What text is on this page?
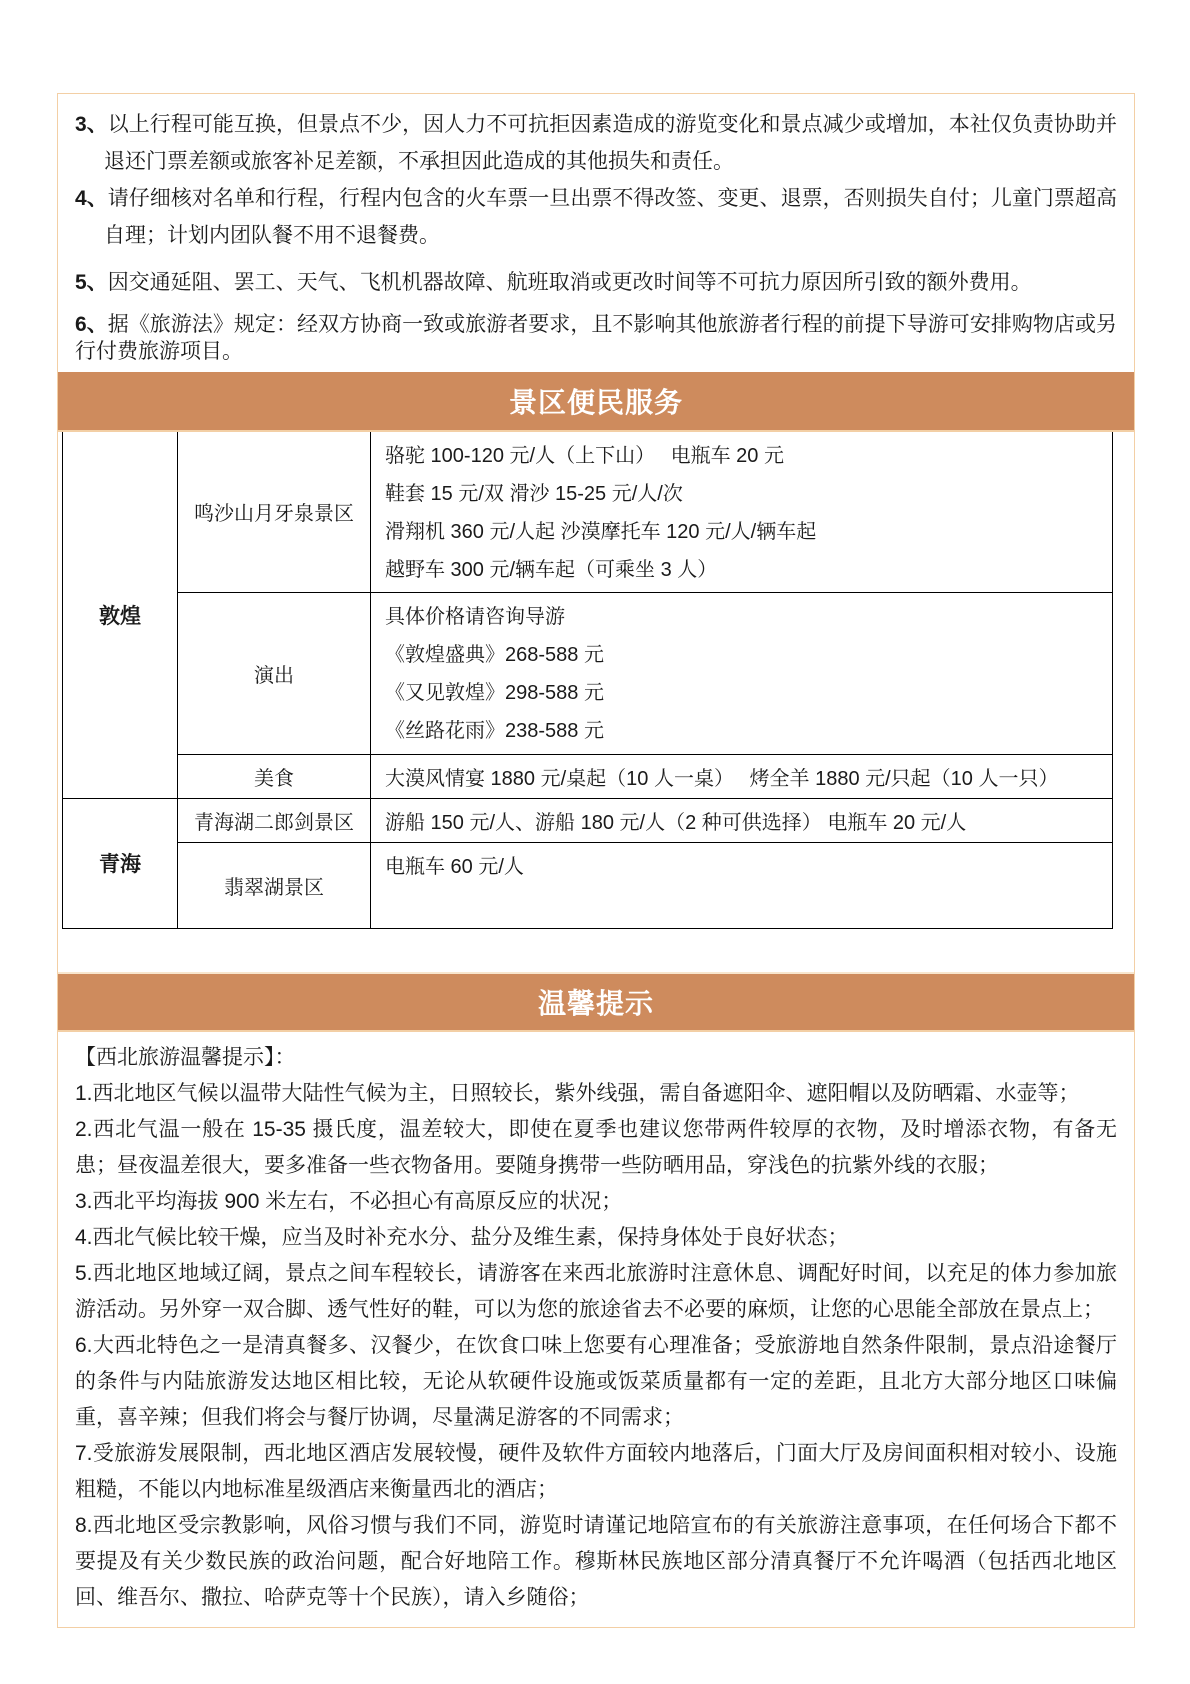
3、以上行程可能互换，但景点不少，因人力不可抗拒因素造成的游览变化和景点减少或增加，本社仅负责协助并退还门票差额或旅客补足差额，不承担因此造成的其他损失和责任。
4、请仔细核对名单和行程，行程内包含的火车票一旦出票不得改签、变更、退票，否则损失自付；儿童门票超高自理；计划内团队餐不用不退餐费。
5、因交通延阻、罢工、天气、飞机机器故障、航班取消或更改时间等不可抗力原因所引致的额外费用。
6、据《旅游法》规定：经双方协商一致或旅游者要求，且不影响其他旅游者行程的前提下导游可安排购物店或另行付费旅游项目。
景区便民服务
敦煌	鸣沙山月牙泉景区	骆驼 100-120 元/人（上下山）　 电瓶车 20 元
鞋套 15 元/双 滑沙 15-25 元/人/次
滑翔机 360 元/人起 沙漠摩托车 120 元/人/辆车起
越野车 300 元/辆车起（可乘坐 3 人）

	演出	具体价格请咨询导游
《敦煌盛典》268-588 元
《又见敦煌》298-588 元
《丝路花雨》238-588 元

	美食	大漠风情宴 1880 元/桌起（10 人一桌）　 烤全羊 1880 元/只起（10 人一只）

青海	青海湖二郎剑景区	游船 150 元/人、游船 180 元/人（2 种可供选择） 电瓶车 20 元/人

	翡翠湖景区	电瓶车 60 元/人
温馨提示

【西北旅游温馨提示】：

1.西北地区气候以温带大陆性气候为主，日照较长，紫外线强，需自备遮阳伞、遮阳帽以及防晒霜、水壶等；

2.西北气温一般在 15-35 摄氏度，温差较大，即使在夏季也建议您带两件较厚的衣物，及时增添衣物，有备无患；昼夜温差很大，要多准备一些衣物备用。要随身携带一些防晒用品，穿浅色的抗紫外线的衣服；

3.西北平均海拔 900 米左右，不必担心有高原反应的状况；

4.西北气候比较干燥，应当及时补充水分、盐分及维生素，保持身体处于良好状态；

5.西北地区地域辽阔，景点之间车程较长，请游客在来西北旅游时注意休息、调配好时间，以充足的体力参加旅游活动。另外穿一双合脚、透气性好的鞋，可以为您的旅途省去不必要的麻烦，让您的心思能全部放在景点上；

6.大西北特色之一是清真餐多、汉餐少，在饮食口味上您要有心理准备；受旅游地自然条件限制，景点沿途餐厅的条件与内陆旅游发达地区相比较，无论从软硬件设施或饭菜质量都有一定的差距，且北方大部分地区口味偏重，喜辛辣；但我们将会与餐厅协调，尽量满足游客的不同需求；

7.受旅游发展限制，西北地区酒店发展较慢，硬件及软件方面较内地落后，门面大厅及房间面积相对较小、设施粗糙，不能以内地标准星级酒店来衡量西北的酒店；

8.西北地区受宗教影响，风俗习惯与我们不同，游览时请谨记地陪宣布的有关旅游注意事项，在任何场合下都不要提及有关少数民族的政治问题，配合好地陪工作。穆斯林民族地区部分清真餐厅不允许喝酒（包括西北地区回、维吾尔、撒拉、哈萨克等十个民族），请入乡随俗；
